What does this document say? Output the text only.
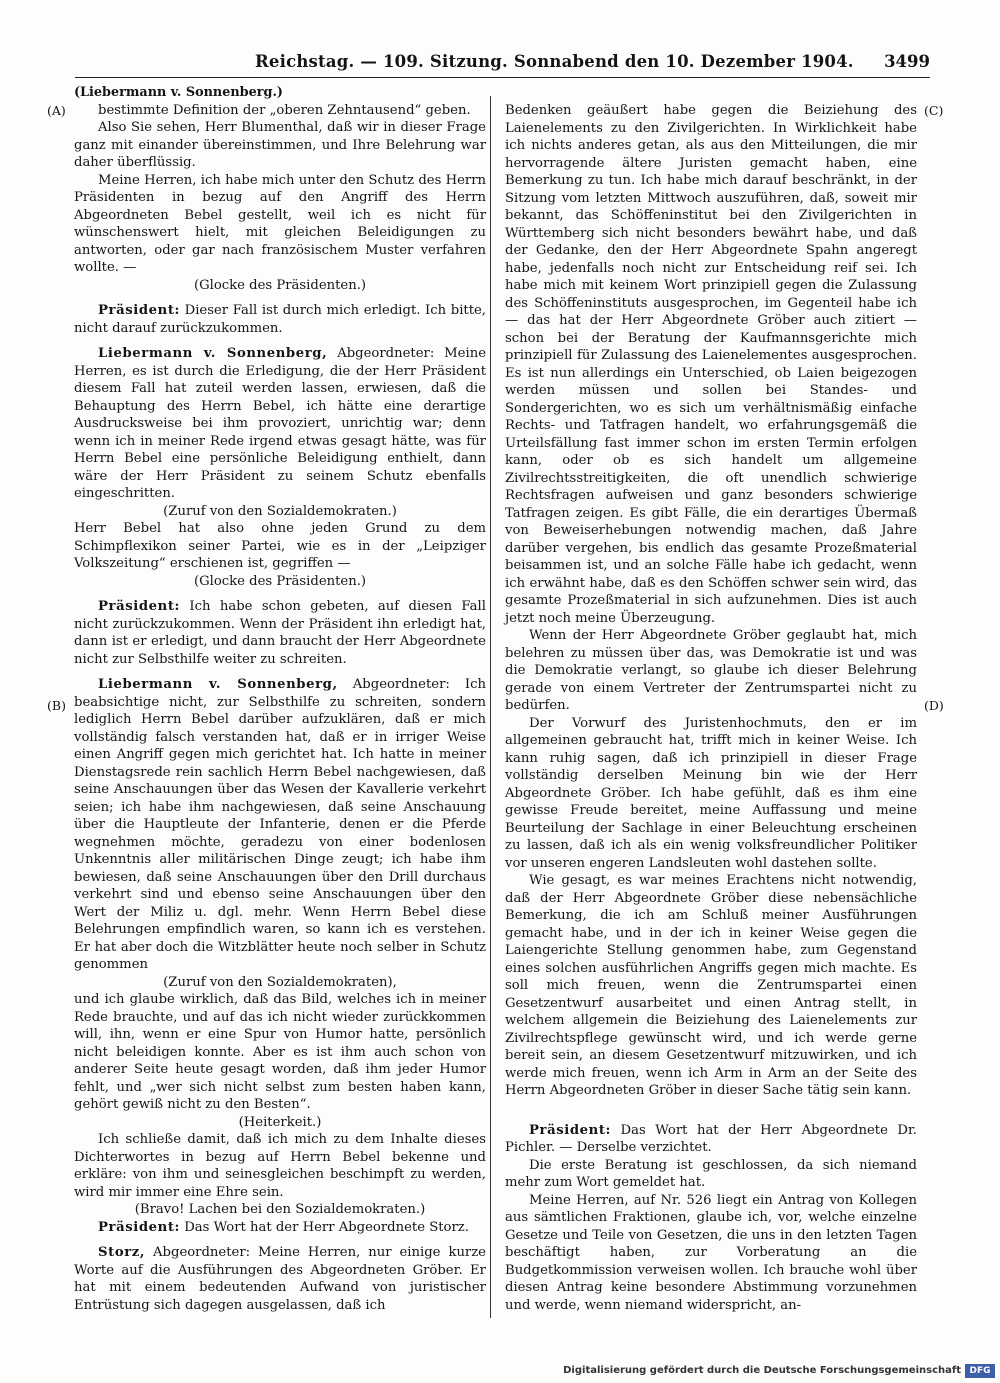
Reichstag. — 109. Sitzung. Sonnabend den 10. Dezember 1904. 3499
(A)
(B)
(C)
(D)

(Liebermann v. Sonnenberg.)

bestimmte Definition der „oberen Zehntausend“ geben.

Also Sie sehen, Herr Blumenthal, daß wir in dieser Frage ganz mit einander übereinstimmen, und Ihre Belehrung war daher überflüssig.

Meine Herren, ich habe mich unter den Schutz des Herrn Präsidenten in bezug auf den Angriff des Herrn Abgeordneten Bebel gestellt, weil ich es nicht für wünschenswert hielt, mit gleichen Beleidigungen zu antworten, oder gar nach französischem Muster verfahren wollte. —

(Glocke des Präsidenten.)

Präsident: Dieser Fall ist durch mich erledigt. Ich bitte, nicht darauf zurückzukommen.

Liebermann v. Sonnenberg, Abgeordneter: Meine Herren, es ist durch die Erledigung, die der Herr Präsident diesem Fall hat zuteil werden lassen, erwiesen, daß die Behauptung des Herrn Bebel, ich hätte eine derartige Ausdrucksweise bei ihm provoziert, unrichtig war; denn wenn ich in meiner Rede irgend etwas gesagt hätte, was für Herrn Bebel eine persönliche Beleidigung enthielt, dann wäre der Herr Präsident zu seinem Schutz ebenfalls eingeschritten.

(Zuruf von den Sozialdemokraten.)

Herr Bebel hat also ohne jeden Grund zu dem Schimpflexikon seiner Partei, wie es in der „Leipziger Volkszeitung“ erschienen ist, gegriffen —

(Glocke des Präsidenten.)

Präsident: Ich habe schon gebeten, auf diesen Fall nicht zurückzukommen. Wenn der Präsident ihn erledigt hat, dann ist er erledigt, und dann braucht der Herr Abgeordnete nicht zur Selbsthilfe weiter zu schreiten.

Liebermann v. Sonnenberg, Abgeordneter: Ich beabsichtige nicht, zur Selbsthilfe zu schreiten, sondern lediglich Herrn Bebel darüber aufzuklären, daß er mich vollständig falsch verstanden hat, daß er in irriger Weise einen Angriff gegen mich gerichtet hat. Ich hatte in meiner Dienstagsrede rein sachlich Herrn Bebel nachgewiesen, daß seine Anschauungen über das Wesen der Kavallerie verkehrt seien; ich habe ihm nachgewiesen, daß seine Anschauung über die Hauptleute der Infanterie, denen er die Pferde wegnehmen möchte, geradezu von einer bodenlosen Unkenntnis aller militärischen Dinge zeugt; ich habe ihm bewiesen, daß seine Anschauungen über den Drill durchaus verkehrt sind und ebenso seine Anschauungen über den Wert der Miliz u. dgl. mehr. Wenn Herrn Bebel diese Belehrungen empfindlich waren, so kann ich es verstehen. Er hat aber doch die Witzblätter heute noch selber in Schutz genommen

(Zuruf von den Sozialdemokraten),

und ich glaube wirklich, daß das Bild, welches ich in meiner Rede brauchte, und auf das ich nicht wieder zurückkommen will, ihn, wenn er eine Spur von Humor hatte, persönlich nicht beleidigen konnte. Aber es ist ihm auch schon von anderer Seite heute gesagt worden, daß ihm jeder Humor fehlt, und „wer sich nicht selbst zum besten haben kann, gehört gewiß nicht zu den Besten“.

(Heiterkeit.)

Ich schließe damit, daß ich mich zu dem Inhalte dieses Dichterwortes in bezug auf Herrn Bebel bekenne und erkläre: von ihm und seinesgleichen beschimpft zu werden, wird mir immer eine Ehre sein.

(Bravo! Lachen bei den Sozialdemokraten.)

Präsident: Das Wort hat der Herr Abgeordnete Storz.

Storz, Abgeordneter: Meine Herren, nur einige kurze Worte auf die Ausführungen des Abgeordneten Gröber. Er hat mit einem bedeutenden Aufwand von juristischer Entrüstung sich dagegen ausgelassen, daß ich

Bedenken geäußert habe gegen die Beiziehung des Laienelements zu den Zivilgerichten. In Wirklichkeit habe ich nichts anderes getan, als aus den Mitteilungen, die mir hervorragende ältere Juristen gemacht haben, eine Bemerkung zu tun. Ich habe mich darauf beschränkt, in der Sitzung vom letzten Mittwoch auszuführen, daß, soweit mir bekannt, das Schöffeninstitut bei den Zivilgerichten in Württemberg sich nicht besonders bewährt habe, und daß der Gedanke, den der Herr Abgeordnete Spahn angeregt habe, jedenfalls noch nicht zur Entscheidung reif sei. Ich habe mich mit keinem Wort prinzipiell gegen die Zulassung des Schöffeninstituts ausgesprochen, im Gegenteil habe ich — das hat der Herr Abgeordnete Gröber auch zitiert — schon bei der Beratung der Kaufmannsgerichte mich prinzipiell für Zulassung des Laienelementes ausgesprochen. Es ist nun allerdings ein Unterschied, ob Laien beigezogen werden müssen und sollen bei Standes- und Sondergerichten, wo es sich um verhältnismäßig einfache Rechts- und Tatfragen handelt, wo erfahrungsgemäß die Urteilsfällung fast immer schon im ersten Termin erfolgen kann, oder ob es sich handelt um allgemeine Zivilrechtsstreitigkeiten, die oft unendlich schwierige Rechtsfragen aufweisen und ganz besonders schwierige Tatfragen zeigen. Es gibt Fälle, die ein derartiges Übermaß von Beweiserhebungen notwendig machen, daß Jahre darüber vergehen, bis endlich das gesamte Prozeßmaterial beisammen ist, und an solche Fälle habe ich gedacht, wenn ich erwähnt habe, daß es den Schöffen schwer sein wird, das gesamte Prozeßmaterial in sich aufzunehmen. Dies ist auch jetzt noch meine Überzeugung.

Wenn der Herr Abgeordnete Gröber geglaubt hat, mich belehren zu müssen über das, was Demokratie ist und was die Demokratie verlangt, so glaube ich dieser Belehrung gerade von einem Vertreter der Zentrumspartei nicht zu bedürfen.

Der Vorwurf des Juristenhochmuts, den er im allgemeinen gebraucht hat, trifft mich in keiner Weise. Ich kann ruhig sagen, daß ich prinzipiell in dieser Frage vollständig derselben Meinung bin wie der Herr Abgeordnete Gröber. Ich habe gefühlt, daß es ihm eine gewisse Freude bereitet, meine Auffassung und meine Beurteilung der Sachlage in einer Beleuchtung erscheinen zu lassen, daß ich als ein wenig volksfreundlicher Politiker vor unseren engeren Landsleuten wohl dastehen sollte.

Wie gesagt, es war meines Erachtens nicht notwendig, daß der Herr Abgeordnete Gröber diese nebensächliche Bemerkung, die ich am Schluß meiner Ausführungen gemacht habe, und in der ich in keiner Weise gegen die Laiengerichte Stellung genommen habe, zum Gegenstand eines solchen ausführlichen Angriffs gegen mich machte. Es soll mich freuen, wenn die Zentrumspartei einen Gesetzentwurf ausarbeitet und einen Antrag stellt, in welchem allgemein die Beiziehung des Laienelements zur Zivilrechtspflege gewünscht wird, und ich werde gerne bereit sein, an diesem Gesetzentwurf mitzuwirken, und ich werde mich freuen, wenn ich Arm in Arm an der Seite des Herrn Abgeordneten Gröber in dieser Sache tätig sein kann.

Präsident: Das Wort hat der Herr Abgeordnete Dr. Pichler. — Derselbe verzichtet.

Die erste Beratung ist geschlossen, da sich niemand mehr zum Wort gemeldet hat.

Meine Herren, auf Nr. 526 liegt ein Antrag von Kollegen aus sämtlichen Fraktionen, glaube ich, vor, welche einzelne Gesetze und Teile von Gesetzen, die uns in den letzten Tagen beschäftigt haben, zur Vorberatung an die Budgetkommission verweisen wollen. Ich brauche wohl über diesen Antrag keine besondere Abstimmung vorzunehmen und werde, wenn niemand widerspricht, an-

Digitalisierung gefördert durch die Deutsche Forschungsgemeinschaft DFG
